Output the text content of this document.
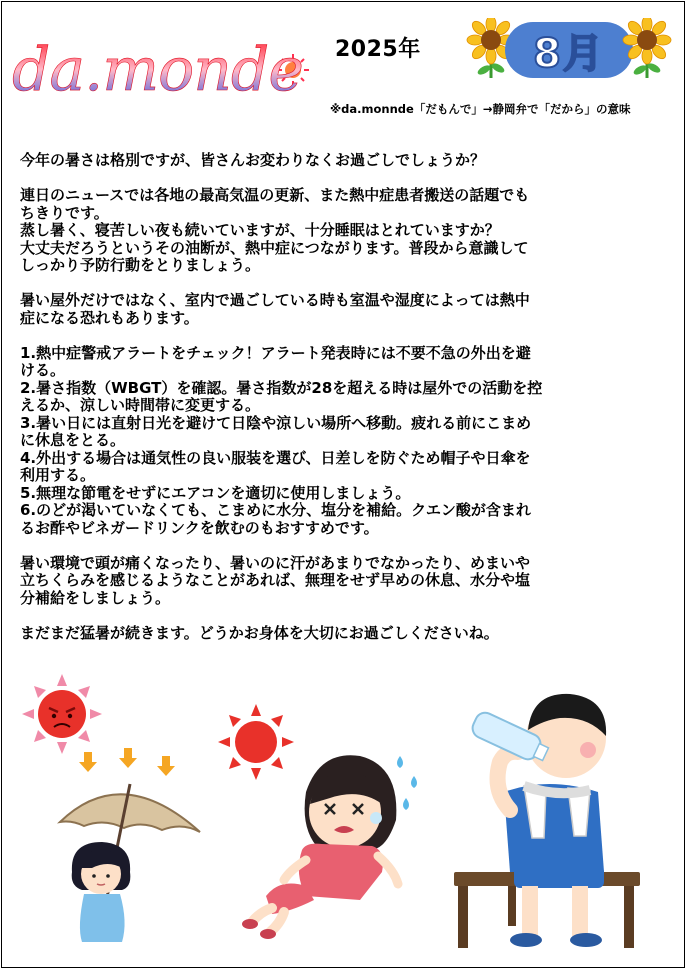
da.monde 2025年	8月
※da.monnde「だもんで」→静岡弁で「だから」の意味

今年の暑さは格別ですが、皆さんお変わりなくお過ごしでしょうか？

連日のニュースでは各地の最高気温の更新、また熱中症患者搬送の話題でも
ちきりです。
蒸し暑く、寝苦しい夜も続いていますが、十分睡眠はとれていますか？
大丈夫だろうというその油断が、熱中症につながります。普段から意識して
しっかり予防行動をとりましょう。
暑い屋外だけではなく、室内で過ごしている時も室温や湿度によっては熱中
症になる恐れもあります。
1.熱中症警戒アラートをチェック！アラート発表時には不要不急の外出を避
ける。
2.暑さ指数（WBGT）を確認。暑さ指数が28を超える時は屋外での活動を控
えるか、涼しい時間帯に変更する。
3.暑い日には直射日光を避けて日陰や涼しい場所へ移動。疲れる前にこまめ
に休息をとる。
4.外出する場合は通気性の良い服装を選び、日差しを防ぐため帽子や日傘を
利用する。
5.無理な節電をせずにエアコンを適切に使用しましょう。
6.のどが渇いていなくても、こまめに水分、塩分を補給。クエン酸が含まれ
るお酢やビネガードリンクを飲むのもおすすめです。
暑い環境で頭が痛くなったり、暑いのに汗があまりでなかったり、めまいや
立ちくらみを感じるようなことがあれば、無理をせず早めの休息、水分や塩
分補給をしましょう。

まだまだ猛暑が続きます。どうかお身体を大切にお過ごしくださいね。
